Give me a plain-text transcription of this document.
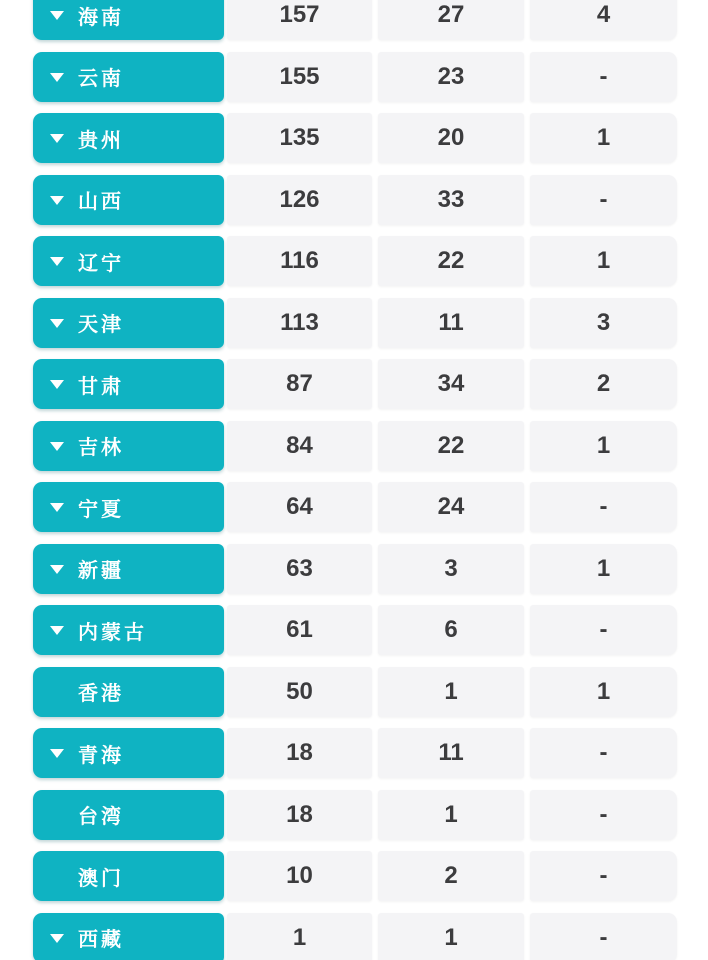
海南	157	27	4
云南	155	23	-
贵州	135	20	1
山西	126	33	-
辽宁	116	22	1
天津	113	11	3
甘肃	87	34	2
吉林	84	22	1
宁夏	64	24	-
新疆	63	3	1
内蒙古	61	6	-
香港	50	1	1
青海	18	11	-
台湾	18	1	-
澳门	10	2	-
西藏	1	1	-
